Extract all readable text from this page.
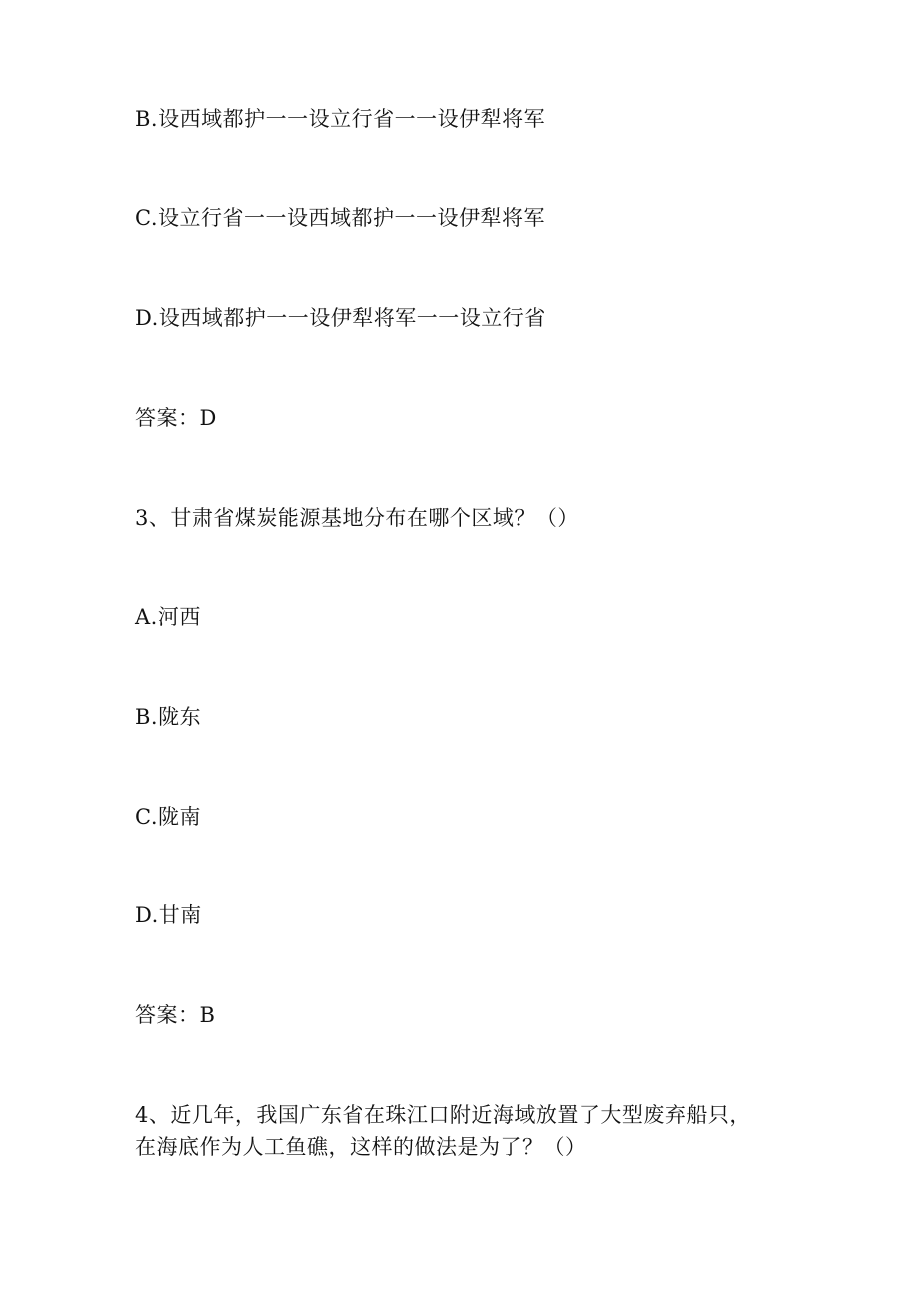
B.设西域都护一一设立行省一一设伊犁将军
C.设立行省一一设西域都护一一设伊犁将军
D.设西域都护一一设伊犁将军一一设立行省
答案：D
3、甘肃省煤炭能源基地分布在哪个区域？（）
A.河西
B.陇东
C.陇南
D.甘南
答案：B
4、近几年，我国广东省在珠江口附近海域放置了大型废弃船只，
在海底作为人工鱼礁，这样的做法是为了？（）
